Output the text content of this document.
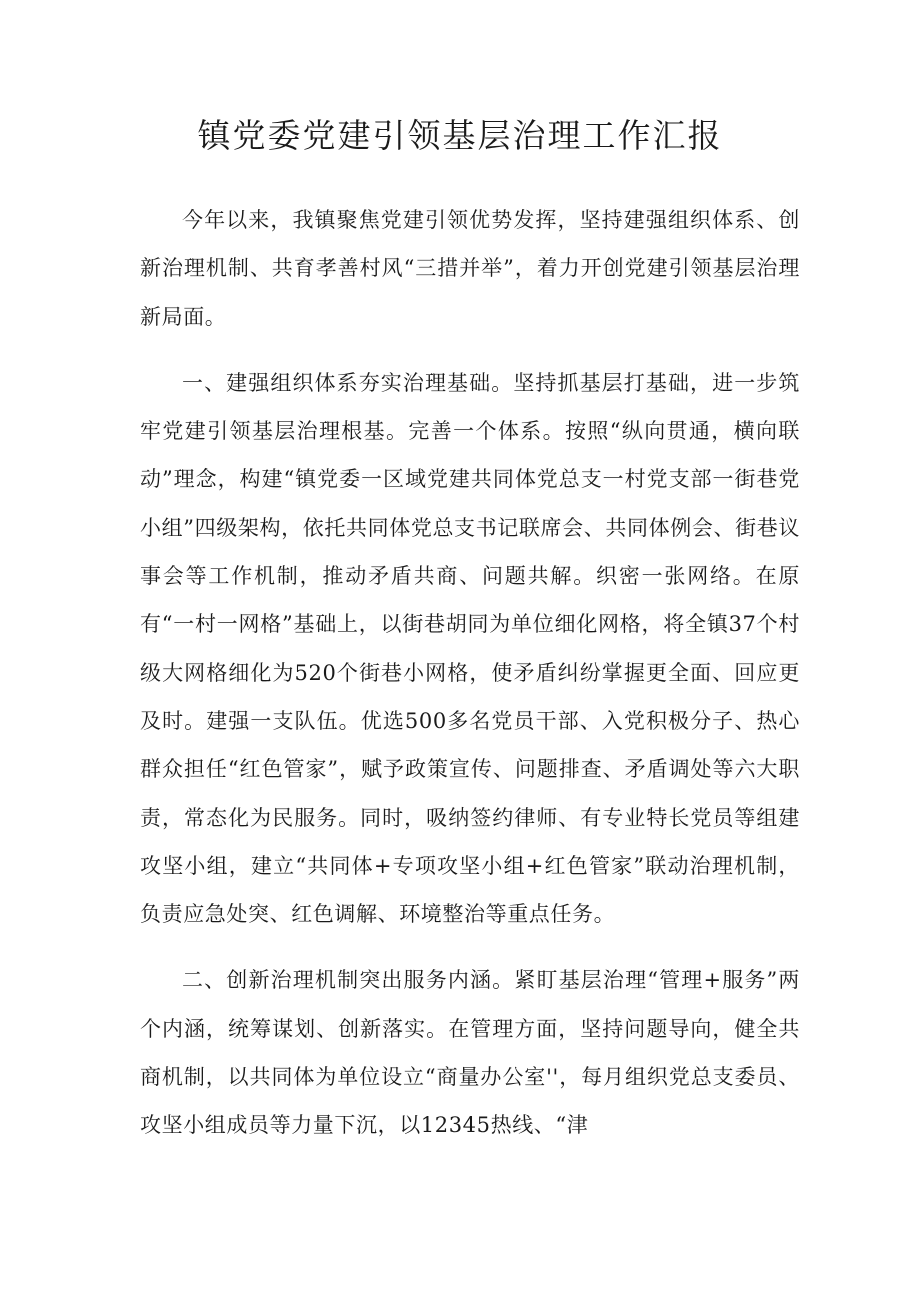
镇党委党建引领基层治理工作汇报

今年以来，我镇聚焦党建引领优势发挥，坚持建强组织体系、创新治理机制、共育孝善村风“三措并举”，着力开创党建引领基层治理新局面。

一、建强组织体系夯实治理基础。坚持抓基层打基础，进一步筑牢党建引领基层治理根基。完善一个体系。按照“纵向贯通，横向联动”理念，构建“镇党委一区域党建共同体党总支一村党支部一街巷党小组”四级架构，依托共同体党总支书记联席会、共同体例会、街巷议事会等工作机制，推动矛盾共商、问题共解。织密一张网络。在原有“一村一网格”基础上，以街巷胡同为单位细化网格，将全镇37个村级大网格细化为520个街巷小网格，使矛盾纠纷掌握更全面、回应更及时。建强一支队伍。优选500多名党员干部、入党积极分子、热心群众担任“红色管家”，赋予政策宣传、问题排查、矛盾调处等六大职责，常态化为民服务。同时，吸纳签约律师、有专业特长党员等组建攻坚小组，建立“共同体+专项攻坚小组+红色管家”联动治理机制，负责应急处突、红色调解、环境整治等重点任务。

二、创新治理机制突出服务内涵。紧盯基层治理“管理+服务”两个内涵，统筹谋划、创新落实。在管理方面，坚持问题导向，健全共商机制，以共同体为单位设立“商量办公室''，每月组织党总支委员、攻坚小组成员等力量下沉，以12345热线、“津
